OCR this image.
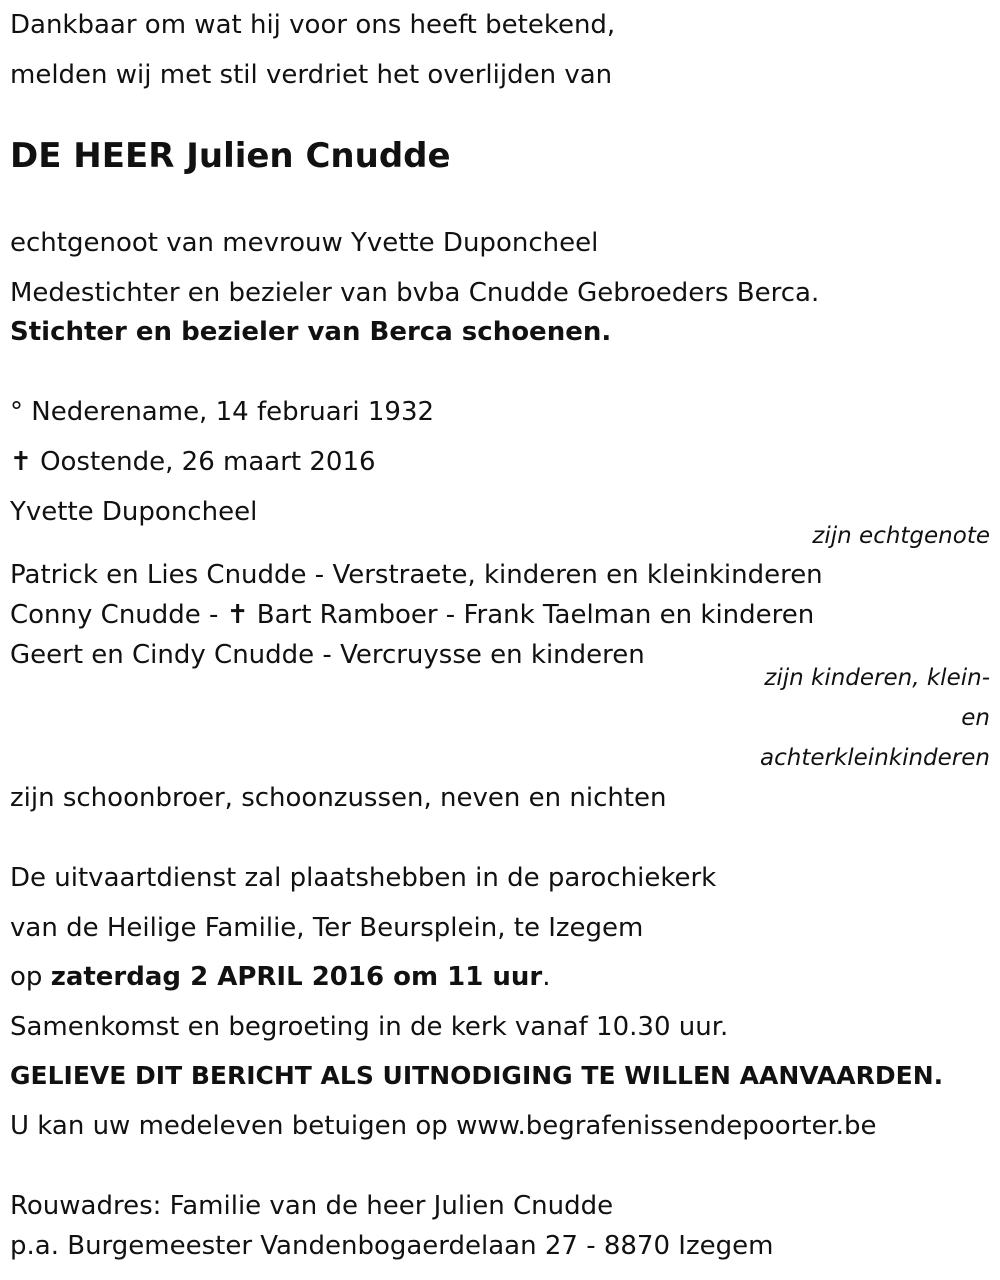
Dankbaar om wat hij voor ons heeft betekend,
melden wij met stil verdriet het overlijden van
DE HEER Julien Cnudde
echtgenoot van mevrouw Yvette Duponcheel
Medestichter en bezieler van bvba Cnudde Gebroeders Berca.
Stichter en bezieler van Berca schoenen.
° Nederename, 14 februari 1932
✝ Oostende, 26 maart 2016
Yvette Duponcheel
zijn echtgenote
Patrick en Lies Cnudde - Verstraete, kinderen en kleinkinderen
Conny Cnudde - ✝ Bart Ramboer - Frank Taelman en kinderen
Geert en Cindy Cnudde - Vercruysse en kinderen
zijn kinderen, klein-
en
achterkleinkinderen
zijn schoonbroer, schoonzussen, neven en nichten
De uitvaartdienst zal plaatshebben in de parochiekerk
van de Heilige Familie, Ter Beursplein, te Izegem
op zaterdag 2 APRIL 2016 om 11 uur.
Samenkomst en begroeting in de kerk vanaf 10.30 uur.
GELIEVE DIT BERICHT ALS UITNODIGING TE WILLEN AANVAARDEN.
U kan uw medeleven betuigen op www.begrafenissendepoorter.be
Rouwadres: Familie van de heer Julien Cnudde
p.a. Burgemeester Vandenbogaerdelaan 27 - 8870 Izegem
